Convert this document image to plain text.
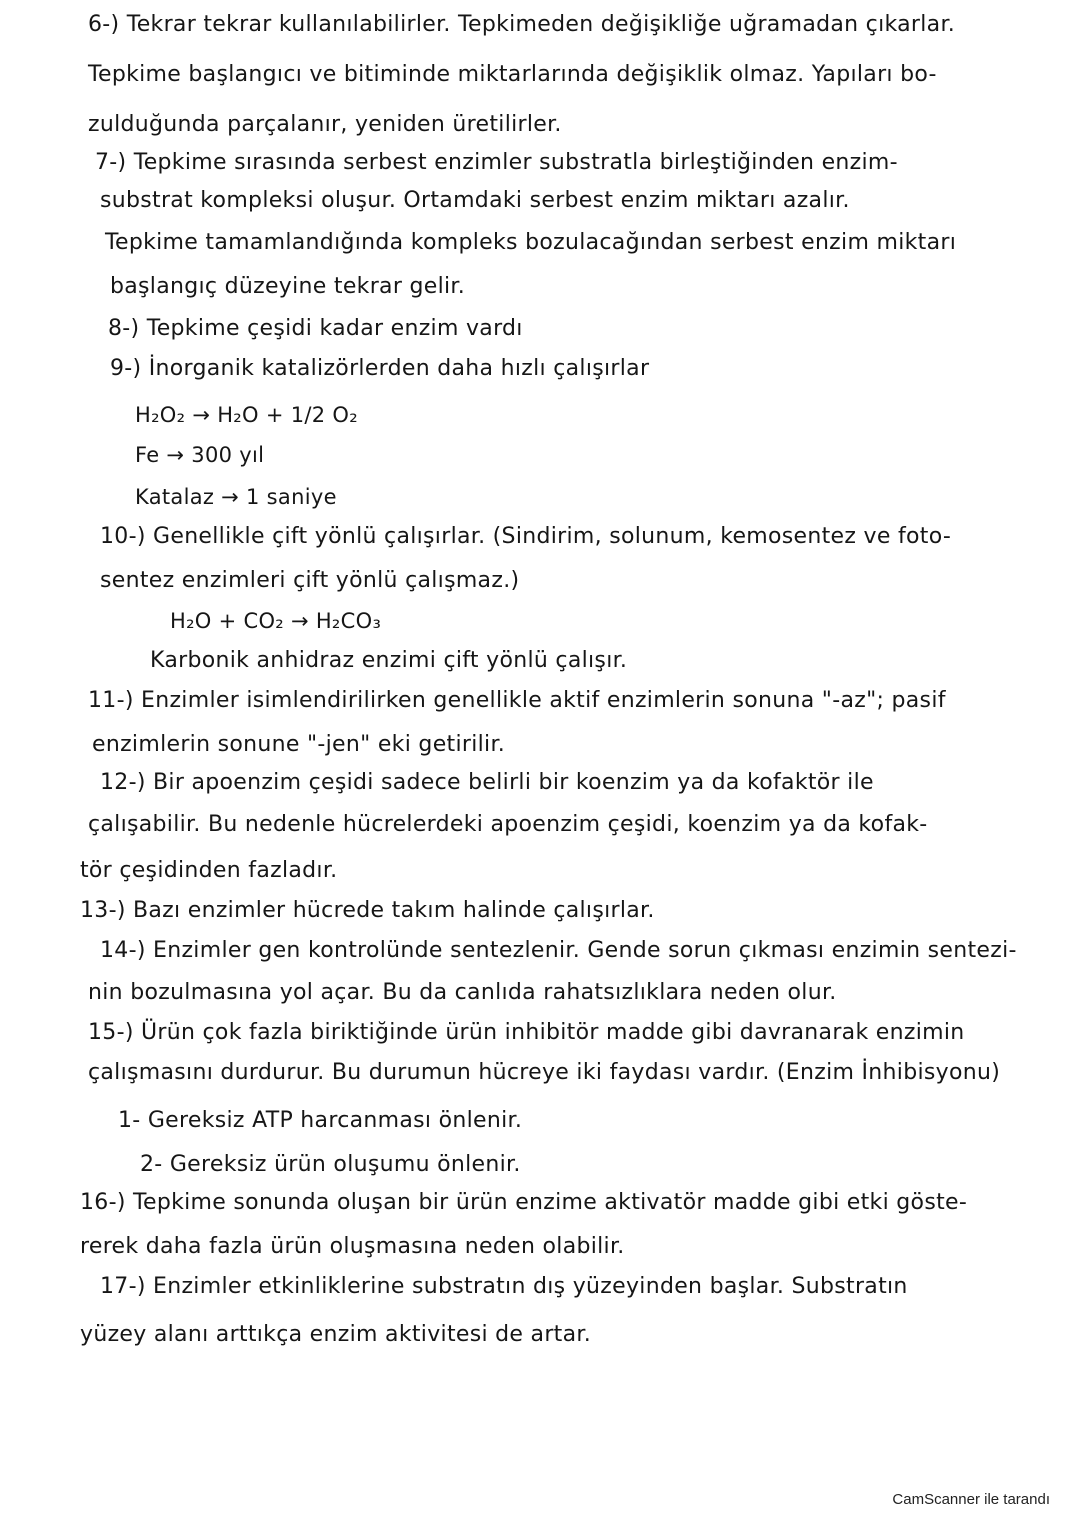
6-) Tekrar tekrar kullanılabilirler. Tepkimeden değişikliğe uğramadan çıkarlar.
Tepkime başlangıcı ve bitiminde miktarlarında değişiklik olmaz. Yapıları bo-
zulduğunda parçalanır, yeniden üretilirler.
7-) Tepkime sırasında serbest enzimler substratla birleştiğinden enzim-
substrat kompleksi oluşur. Ortamdaki serbest enzim miktarı azalır.
Tepkime tamamlandığında kompleks bozulacağından serbest enzim miktarı
başlangıç düzeyine tekrar gelir.
8-) Tepkime çeşidi kadar enzim vardı
9-) İnorganik katalizörlerden daha hızlı çalışırlar
H₂O₂ → H₂O + 1/2 O₂
Fe → 300 yıl
Katalaz → 1 saniye
10-) Genellikle çift yönlü çalışırlar. (Sindirim, solunum, kemosentez ve foto-
sentez enzimleri çift yönlü çalışmaz.)
H₂O + CO₂ → H₂CO₃
Karbonik anhidraz enzimi çift yönlü çalışır.
11-) Enzimler isimlendirilirken genellikle aktif enzimlerin sonuna "-az"; pasif
enzimlerin sonune "-jen" eki getirilir.
12-) Bir apoenzim çeşidi sadece belirli bir koenzim ya da kofaktör ile
çalışabilir. Bu nedenle hücrelerdeki apoenzim çeşidi, koenzim ya da kofak-
tör çeşidinden fazladır.
13-) Bazı enzimler hücrede takım halinde çalışırlar.
14-) Enzimler gen kontrolünde sentezlenir. Gende sorun çıkması enzimin sentezi-
nin bozulmasına yol açar. Bu da canlıda rahatsızlıklara neden olur.
15-) Ürün çok fazla biriktiğinde ürün inhibitör madde gibi davranarak enzimin
çalışmasını durdurur. Bu durumun hücreye iki faydası vardır. (Enzim İnhibisyonu)
1- Gereksiz ATP harcanması önlenir.
2- Gereksiz ürün oluşumu önlenir.
16-) Tepkime sonunda oluşan bir ürün enzime aktivatör madde gibi etki göste-
rerek daha fazla ürün oluşmasına neden olabilir.
17-) Enzimler etkinliklerine substratın dış yüzeyinden başlar. Substratın
yüzey alanı arttıkça enzim aktivitesi de artar.
CamScanner ile tarandı
